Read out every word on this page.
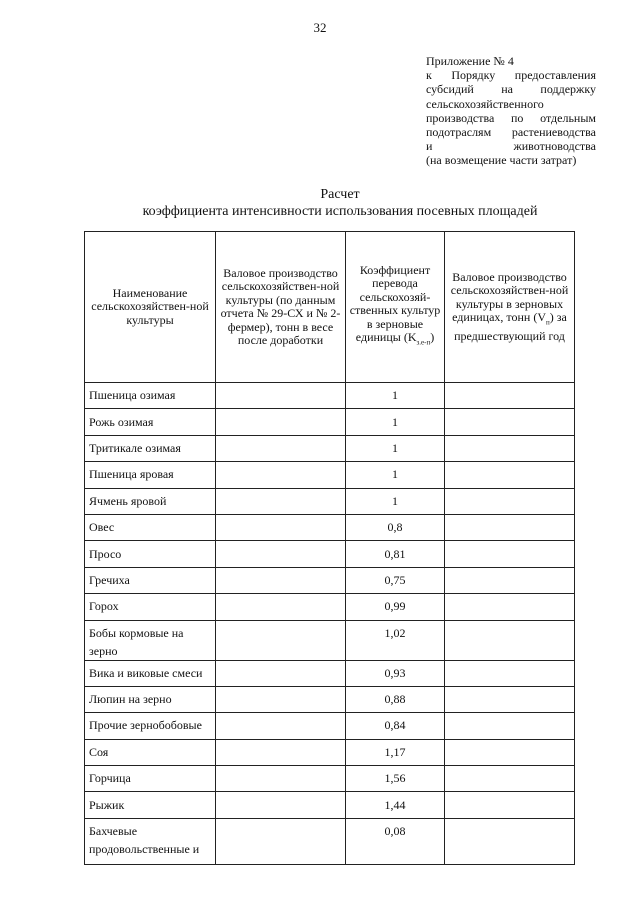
32
Приложение № 4
к Порядку предоставления
субсидий на поддержку
сельскохозяйственного
производства по отдельным
подотраслям растениеводства
и животноводства
(на возмещение части затрат)
Расчет
коэффициента интенсивности использования посевных площадей
Наименование сельскохозяйствен-ной культуры	Валовое производство сельскохозяйствен-ной культуры (по данным отчета № 29-СХ и № 2-фермер), тонн в весе после доработки	Коэффициент перевода сельскохозяй-ственных культур в зерновые единицы $(K_{з.е-п})$	Валовое производство сельскохозяйствен-ной культуры в зерновых единицах, тонн $(V_п)$ за предшествующий год
Пшеница озимая		1	
Рожь озимая		1	
Тритикале озимая		1	
Пшеница яровая		1	
Ячмень яровой		1	
Овес		0,8	
Просо		0,81	
Гречиха		0,75	
Горох		0,99	
Бобы кормовые на зерно		1,02	
Вика и виковые смеси		0,93	
Люпин на зерно		0,88	
Прочие зернобобовые		0,84	
Соя		1,17	
Горчица		1,56	
Рыжик		1,44	
Бахчевые продовольственные и		0,08	
